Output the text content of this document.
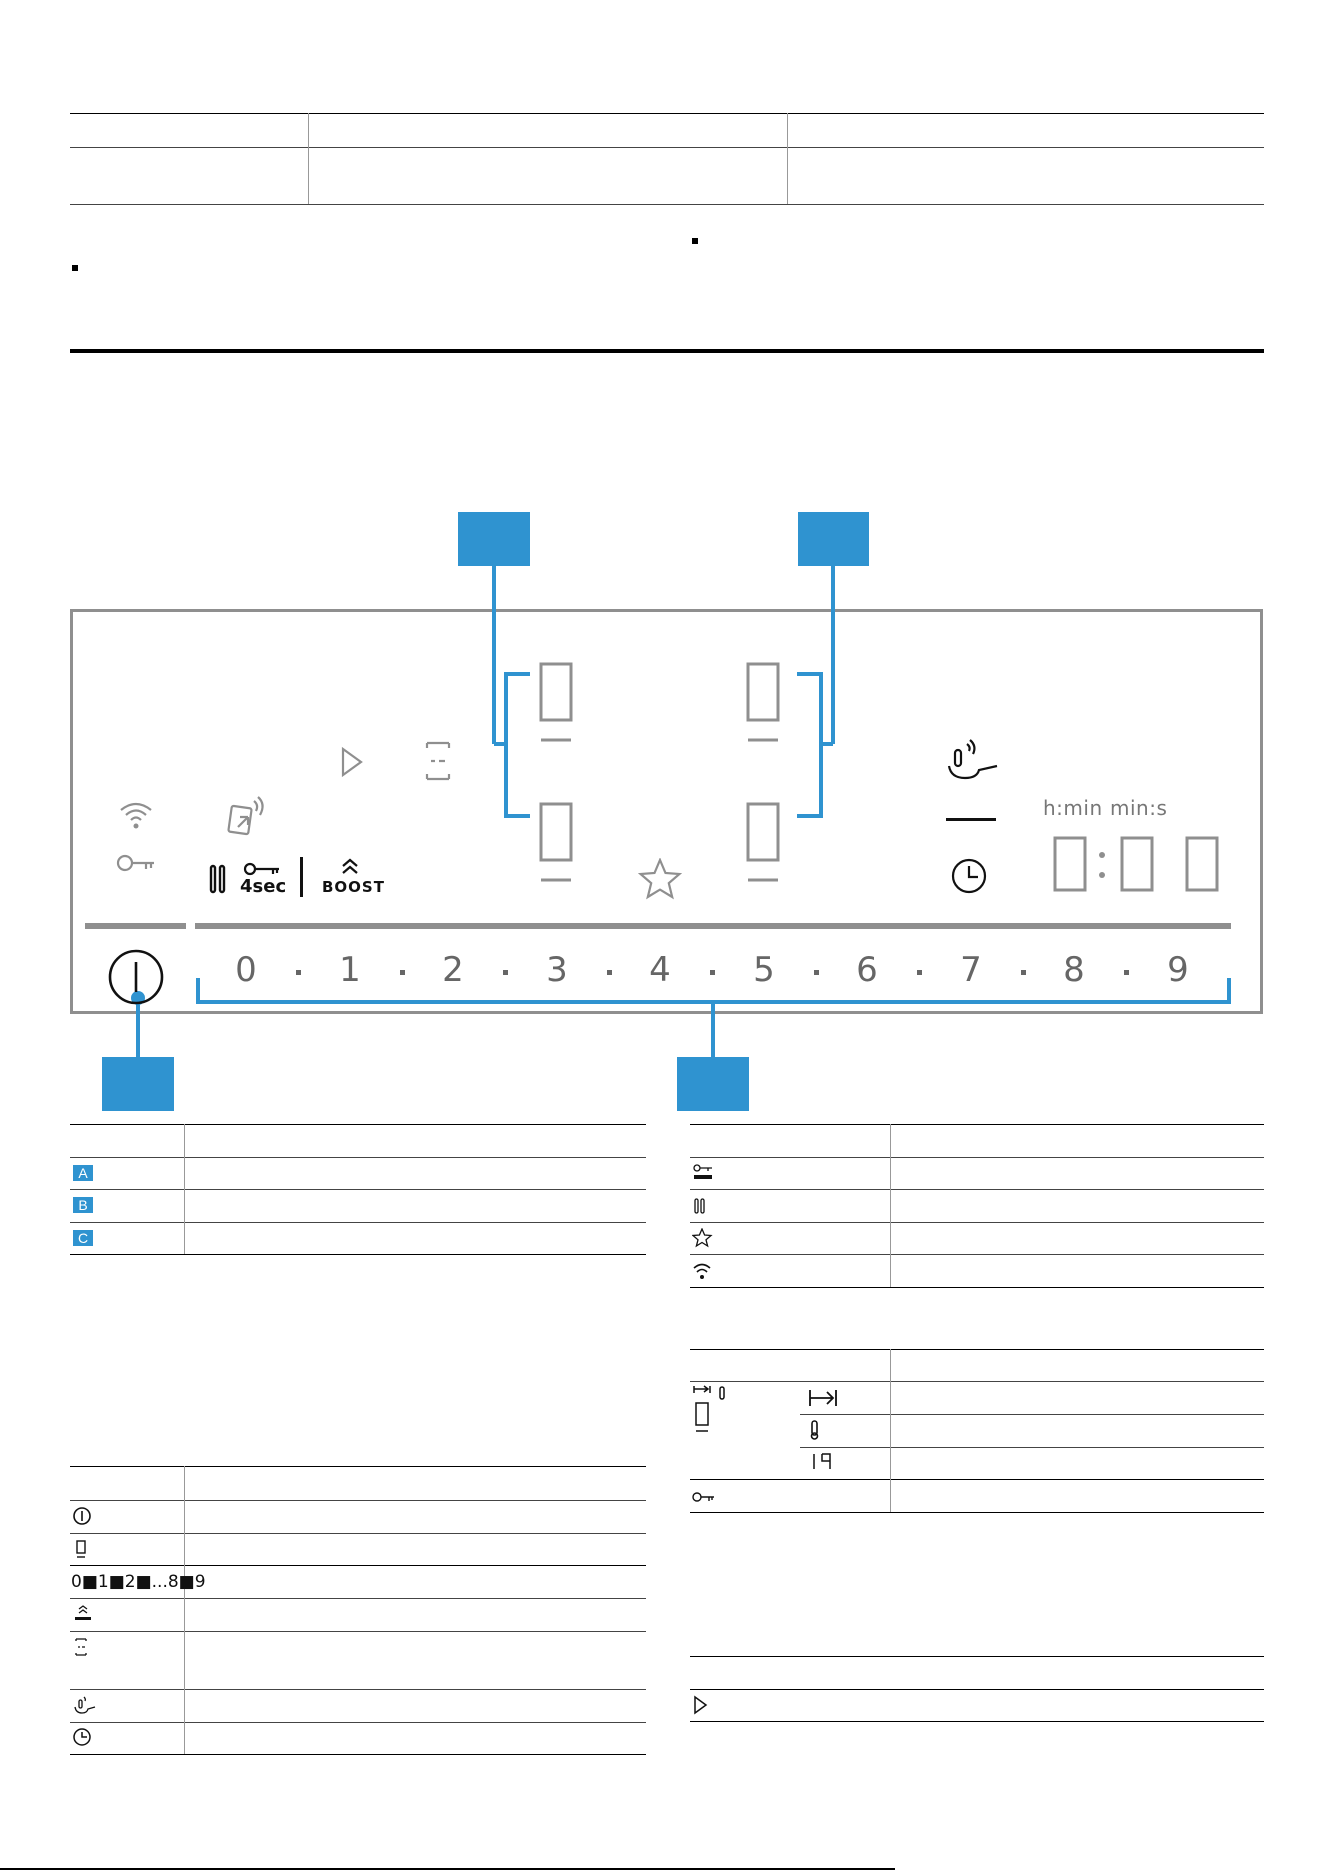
4sec BOOST
h:min min:s
0 1 2 3 4 5 6 7 8 9
A
B
C
0■1■2■...8■9
